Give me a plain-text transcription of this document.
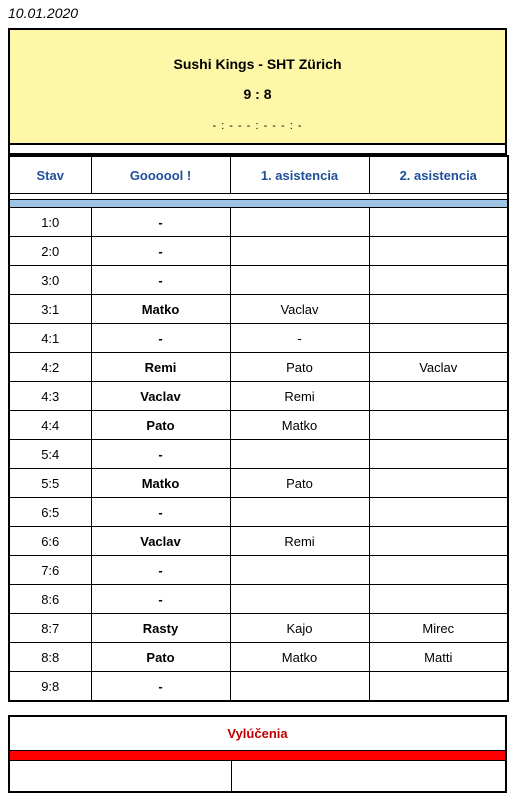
10.01.2020
Sushi Kings - SHT Zürich
9 : 8
- : - - - : - - - : -
Stav	Goooool !	1. asistencia	2. asistencia

1:0	-		
2:0	-		
3:0	-		
3:1	Matko	Vaclav	
4:1	-	-	
4:2	Remi	Pato	Vaclav
4:3	Vaclav	Remi	
4:4	Pato	Matko	
5:4	-		
5:5	Matko	Pato	
6:5	-		
6:6	Vaclav	Remi	
7:6	-		
8:6	-		
8:7	Rasty	Kajo	Mirec
8:8	Pato	Matko	Matti
9:8	-		
Vylúčenia
